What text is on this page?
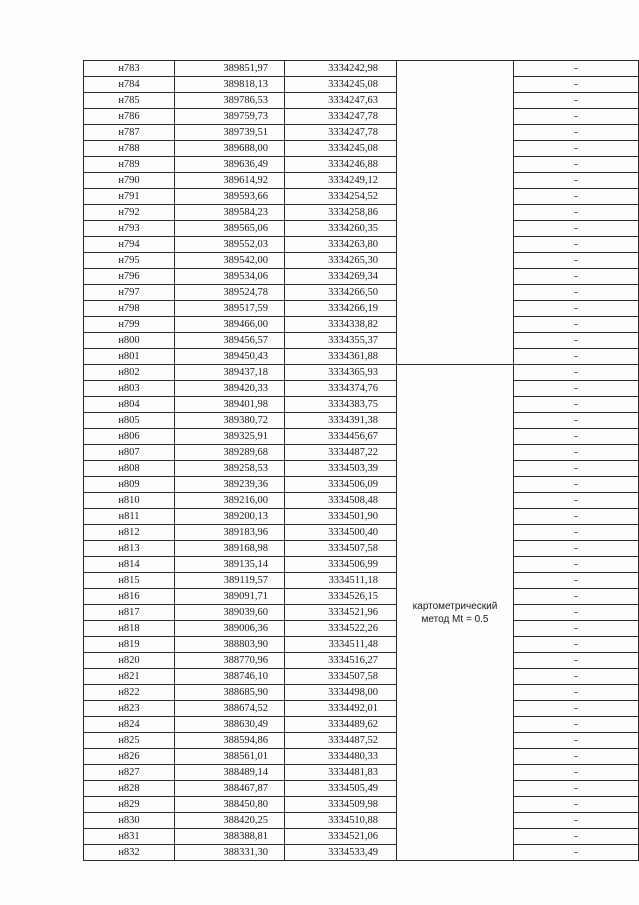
н783	389851,97	3334242,98		-
н784	389818,13	3334245,08		-
н785	389786,53	3334247,63		-
н786	389759,73	3334247,78		-
н787	389739,51	3334247,78		-
н788	389688,00	3334245,08		-
н789	389636,49	3334246,88		-
н790	389614,92	3334249,12		-
н791	389593,66	3334254,52		-
н792	389584,23	3334258,86		-
н793	389565,06	3334260,35		-
н794	389552,03	3334263,80		-
н795	389542,00	3334265,30		-
н796	389534,06	3334269,34		-
н797	389524,78	3334266,50		-
н798	389517,59	3334266,19		-
н799	389466,00	3334338,82		-
н800	389456,57	3334355,37		-
н801	389450,43	3334361,88		-
н802	389437,18	3334365,93	картометрический
метод Mt = 0.5	-
н803	389420,33	3334374,76		-
н804	389401,98	3334383,75		-
н805	389380,72	3334391,38		-
н806	389325,91	3334456,67		-
н807	389289,68	3334487,22		-
н808	389258,53	3334503,39		-
н809	389239,36	3334506,09		-
н810	389216,00	3334508,48		-
н811	389200,13	3334501,90		-
н812	389183,96	3334500,40		-
н813	389168,98	3334507,58		-
н814	389135,14	3334506,99		-
н815	389119,57	3334511,18		-
н816	389091,71	3334526,15		-
н817	389039,60	3334521,96		-
н818	389006,36	3334522,26		-
н819	388803,90	3334511,48		-
н820	388770,96	3334516,27		-
н821	388746,10	3334507,58		-
н822	388685,90	3334498,00		-
н823	388674,52	3334492,01		-
н824	388630,49	3334489,62		-
н825	388594,86	3334487,52		-
н826	388561,01	3334480,33		-
н827	388489,14	3334481,83		-
н828	388467,87	3334505,49		-
н829	388450,80	3334509,98		-
н830	388420,25	3334510,88		-
н831	388388,81	3334521,06		-
н832	388331,30	3334533,49		-
